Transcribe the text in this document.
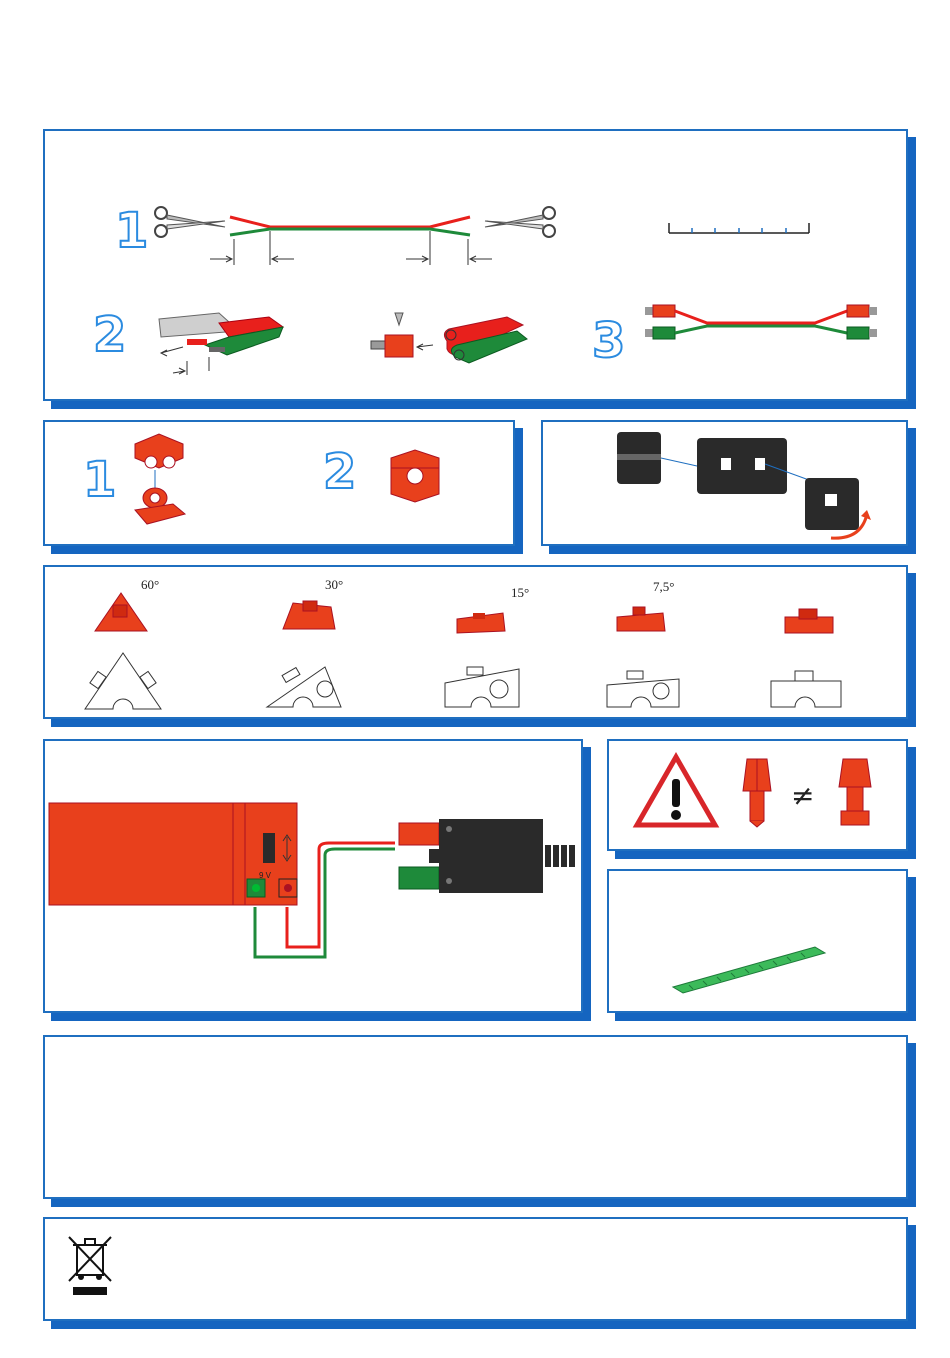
1
2	3
1	2
60°	30°
15°	7,5°
9 V
≠
